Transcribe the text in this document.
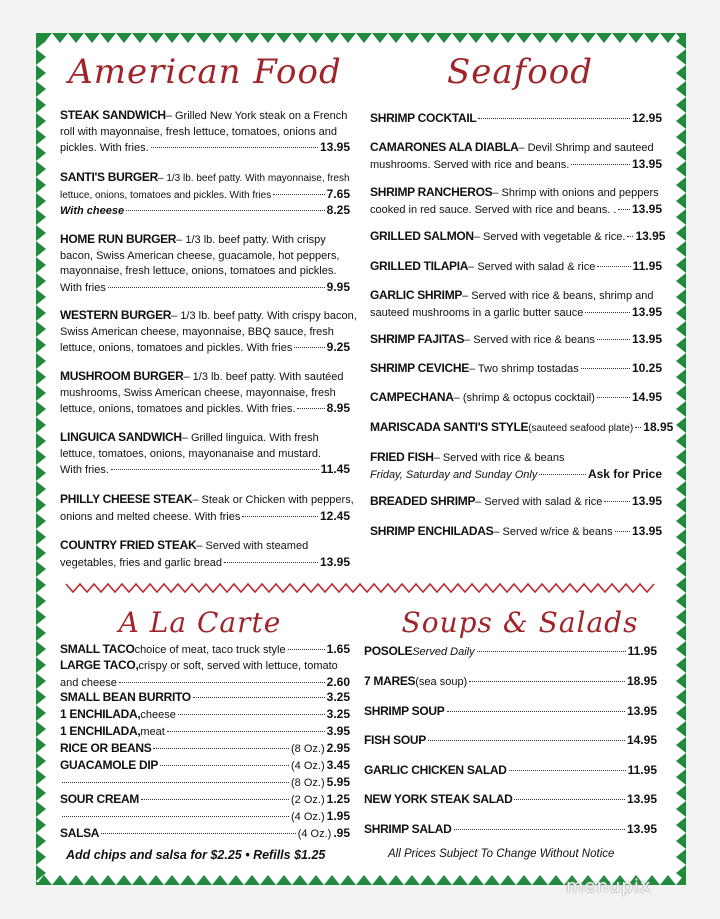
American Food	Seafood
A La Carte	Soups & Salads
STEAK SANDWICH – Grilled New York steak on a French
roll with mayonnaise, fresh lettuce, tomatoes, onions and
pickles. With fries.	13.95
SANTI'S BURGER – 1/3 lb. beef patty. With mayonnaise, fresh
lettuce, onions, tomatoes and pickles. With fries	7.65
With cheese	8.25
HOME RUN BURGER – 1/3 lb. beef patty. With crispy
bacon, Swiss American cheese, guacamole, hot peppers,
mayonnaise, fresh lettuce, onions, tomatoes and pickles.
With fries	9.95
WESTERN BURGER – 1/3 lb. beef patty. With crispy bacon,
Swiss American cheese, mayonnaise, BBQ sauce, fresh
lettuce, onions, tomatoes and pickles. With fries	9.25
MUSHROOM BURGER – 1/3 lb. beef patty. With sautéed
mushrooms, Swiss American cheese, mayonnaise, fresh
lettuce, onions, tomatoes and pickles. With fries.	8.95
LINGUICA SANDWICH – Grilled linguica. With fresh
lettuce, tomatoes, onions, mayonanaise and mustard.
With fries.	11.45
PHILLY CHEESE STEAK – Steak or Chicken with peppers,
onions and melted cheese. With fries	12.45
COUNTRY FRIED STEAK – Served with steamed
vegetables, fries and garlic bread	13.95
SHRIMP COCKTAIL	12.95
CAMARONES ALA DIABLA – Devil Shrimp and sauteed
mushrooms. Served with rice and beans.	13.95
SHRIMP RANCHEROS – Shrimp with onions and peppers
cooked in red sauce. Served with rice and beans. . 13.95
GRILLED SALMON – Served with vegetable & rice. 13.95
GRILLED TILAPIA – Served with salad & rice	11.95
GARLIC SHRIMP – Served with rice & beans, shrimp and
sauteed mushrooms in a garlic butter sauce	13.95
SHRIMP FAJITAS – Served with rice & beans	13.95
SHRIMP CEVICHE – Two shrimp tostadas	10.25
CAMPECHANA – (shrimp & octopus cocktail)	14.95
MARISCADA SANTI'S STYLE (sauteed seafood plate) 18.95
FRIED FISH – Served with rice & beans
Friday, Saturday and Sunday Only	Ask for Price
BREADED SHRIMP – Served with salad & rice 13.95
SHRIMP ENCHILADAS – Served w/rice & beans 13.95
SMALL TACO choice of meat, taco truck style	1.65
LARGE TACO, crispy or soft, served with lettuce, tomato
and cheese	2.60
SMALL BEAN BURRITO	3.25
1 ENCHILADA, cheese	3.25
1 ENCHILADA, meat	3.95
RICE OR BEANS	(8 Oz.) 2.95
GUACAMOLE DIP	(4 Oz.) 3.45
(8 Oz.) 5.95
SOUR CREAM	(2 Oz.) 1.25
(4 Oz.) 1.95
SALSA	(4 Oz.) .95
POSOLE Served Daily	11.95
7 MARES (sea soup)	18.95
SHRIMP SOUP	13.95
FISH SOUP	14.95
GARLIC CHICKEN SALAD	11.95
NEW YORK STEAK SALAD	13.95
SHRIMP SALAD	13.95
Add chips and salsa for $2.25 • Refills $1.25	All Prices Subject To Change Without Notice
menupix
